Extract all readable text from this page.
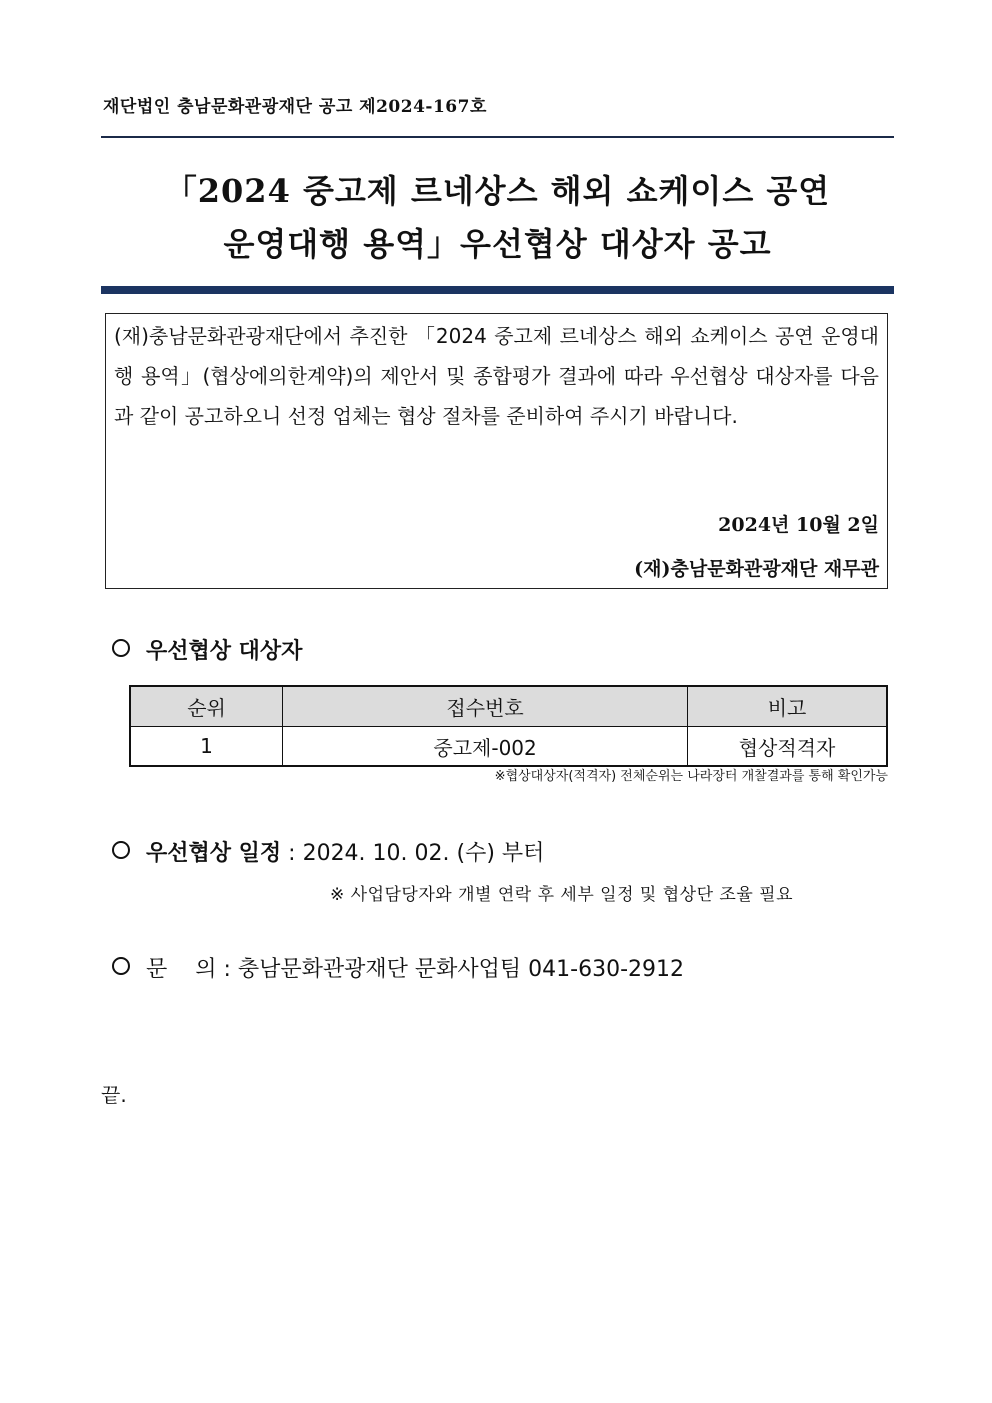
재단법인 충남문화관광재단 공고 제2024-167호
「2024 중고제 르네상스 해외 쇼케이스 공연
운영대행 용역」우선협상 대상자 공고
(재)충남문화관광재단에서 추진한 「2024 중고제 르네상스 해외 쇼케이스 공연 운영대행 용역」(협상에의한계약)의 제안서 및 종합평가 결과에 따라 우선협상 대상자를 다음과 같이 공고하오니 선정 업체는 협상 절차를 준비하여 주시기 바랍니다.
2024년 10월 2일
(재)충남문화관광재단 재무관
우선협상 대상자
순위	접수번호	비고
1	중고제-002	협상적격자
※협상대상자(적격자) 전체순위는 나라장터 개찰결과를 통해 확인가능
우선협상 일정 : 2024. 10. 02. (수) 부터
※ 사업담당자와 개별 연락 후 세부 일정 및 협상단 조율 필요
문    의 : 충남문화관광재단 문화사업팀 041-630-2912
끝.
